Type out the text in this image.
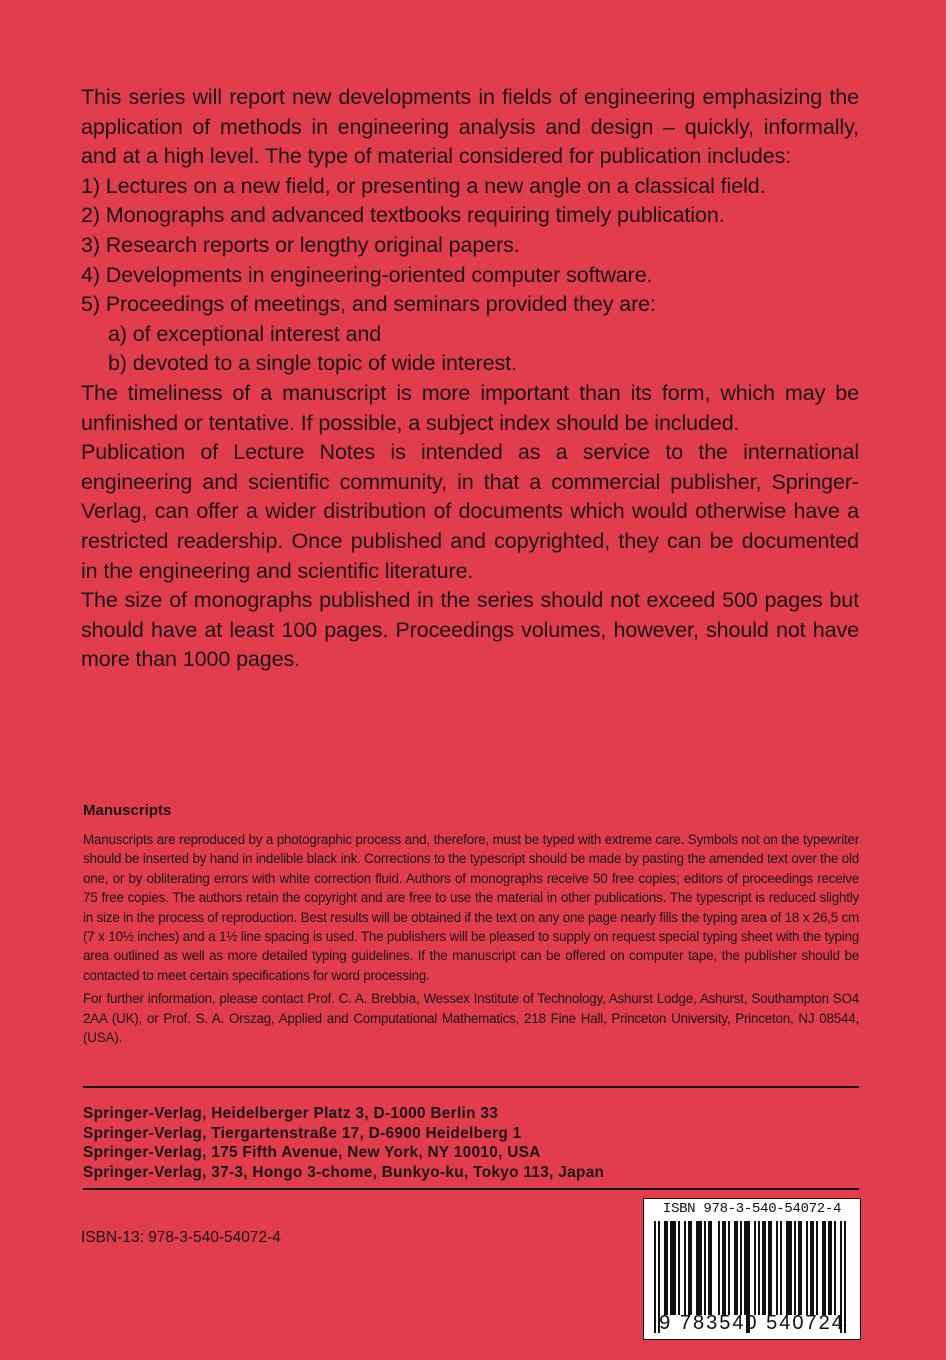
This series will report new developments in fields of engineering emphasizing the application of methods in engineering analysis and design – quickly, informally, and at a high level. The type of material considered for publication includes:

1) Lectures on a new field, or presenting a new angle on a classical field.

2) Monographs and advanced textbooks requiring timely publication.

3) Research reports or lengthy original papers.

4) Developments in engineering-oriented computer software.

5) Proceedings of meetings, and seminars provided they are:

a) of exceptional interest and

b) devoted to a single topic of wide interest.

The timeliness of a manuscript is more important than its form, which may be unfinished or tentative. If possible, a subject index should be included.

Publication of Lecture Notes is intended as a service to the international engineering and scientific community, in that a commercial publisher, Springer-Verlag, can offer a wider distribution of documents which would otherwise have a restricted readership. Once published and copyrighted, they can be documented in the engineering and scientific literature.

The size of monographs published in the series should not exceed 500 pages but should have at least 100 pages. Proceedings volumes, however, should not have more than 1000 pages.

Manuscripts

Manuscripts are reproduced by a photographic process and, therefore, must be typed with extreme care. Symbols not on the typewriter should be inserted by hand in indelible black ink. Corrections to the typescript should be made by pasting the amended text over the old one, or by obliterating errors with white correction fluid. Authors of monographs receive 50 free copies; editors of proceedings receive 75 free copies. The authors retain the copyright and are free to use the material in other publications. The typescript is reduced slightly in size in the process of reproduction. Best results will be obtained if the text on any one page nearly fills the typing area of 18 x 26,5 cm (7 x 10½ inches) and a 1½ line spacing is used. The publishers will be pleased to supply on request special typing sheet with the typing area outlined as well as more detailed typing guidelines. If the manuscript can be offered on computer tape, the publisher should be contacted to meet certain specifications for word processing.

For further information, please contact Prof. C. A. Brebbia, Wessex Institute of Technology, Ashurst Lodge, Ashurst, Southampton SO4 2AA (UK), or Prof. S. A. Orszag, Applied and Computational Mathematics, 218 Fine Hall, Princeton University, Princeton, NJ 08544, (USA).

Springer-Verlag, Heidelberger Platz 3, D-1000 Berlin 33
Springer-Verlag, Tiergartenstraße 17, D-6900 Heidelberg 1
Springer-Verlag, 175 Fifth Avenue, New York, NY 10010, USA
Springer-Verlag, 37-3, Hongo 3-chome, Bunkyo-ku, Tokyo 113, Japan
ISBN-13: 978-3-540-54072-4
ISBN 978-3-540-54072-4
9 783540 540724
